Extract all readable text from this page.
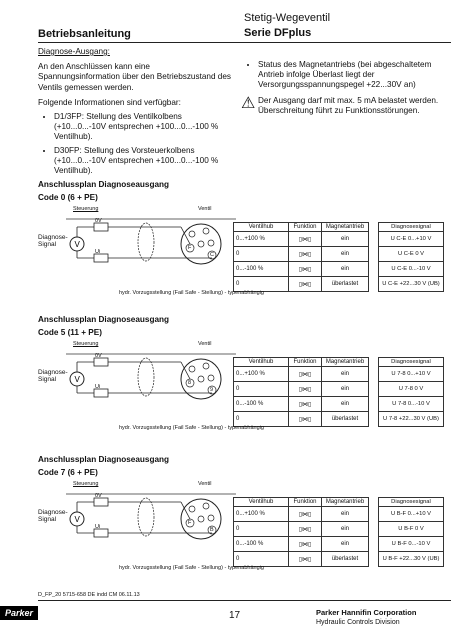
Betriebsanleitung
Stetig-Wegeventil
Serie DFplus
Diagnose-Ausgang:
An den Anschlüssen kann eine Spannungsinformation über den Betriebszustand des Ventils gemessen werden.
Folgende Informationen sind verfügbar:
• D1/3FP: Stellung des Ventilkolbens (+10...0...-10V entsprechen +100...0...-100 % Ventilhub).
• D30FP: Stellung des Vorsteuerkolbens (+10...0...-10V entsprechen +100...0...-100 % Ventilhub).
• Status des Magnetantriebs (bei abgeschaltetem Antrieb infolge Überlast liegt der Versorgungsspannungspegel +22...30V an)
⚠ Der Ausgang darf mit max. 5 mA belastet werden. Überschreitung führt zu Funktionsstörungen.
Anschlussplan Diagnoseausgang
Code 0 (6 + PE)
Steuerung	Ventil
Diagnose-Signal	V
0V
Ui
F
C
Ventilhub	Funktion	Magnetantrieb
0...+100 %	▯⋈▯	ein
0	▯⋈▯	ein
0...-100 %	▯⋈▯	ein
0	▯⋈▯	überlastet
Diagnosesignal
U C-E 0...+10 V
U C-E 0 V
U C-E 0...-10 V
U C-E +22...30 V (UB)
hydr. Vorzugsstellung (Fail Safe - Stellung) - typenabhängig
Anschlussplan Diagnoseausgang
Code 5 (11 + PE)
Steuerung	Ventil
Diagnose-Signal	V
0V
Ui
8
9
Ventilhub	Funktion	Magnetantrieb
0...+100 %	▯⋈▯	ein
0	▯⋈▯	ein
0...-100 %	▯⋈▯	ein
0	▯⋈▯	überlastet
Diagnosesignal
U 7-8 0...+10 V
U 7-8 0 V
U 7-8 0...-10 V
U 7-8 +22...30 V (UB)
hydr. Vorzugsstellung (Fail Safe - Stellung) - typenabhängig
Anschlussplan Diagnoseausgang
Code 7 (6 + PE)
Steuerung	Ventil
Diagnose-Signal	V
0V
Ui
F
B
Ventilhub	Funktion	Magnetantrieb
0...+100 %	▯⋈▯	ein
0	▯⋈▯	ein
0...-100 %	▯⋈▯	ein
0	▯⋈▯	überlastet
Diagnosesignal
U B-F 0...+10 V
U B-F 0 V
U B-F 0...-10 V
U B-F +22...30 V (UB)
hydr. Vorzugsstellung (Fail Safe - Stellung) - typenabhängig
D_FP_20 5715-658 DE indd CM 06.11.13
Parker	17	Parker Hannifin Corporation
Hydraulic Controls Division
